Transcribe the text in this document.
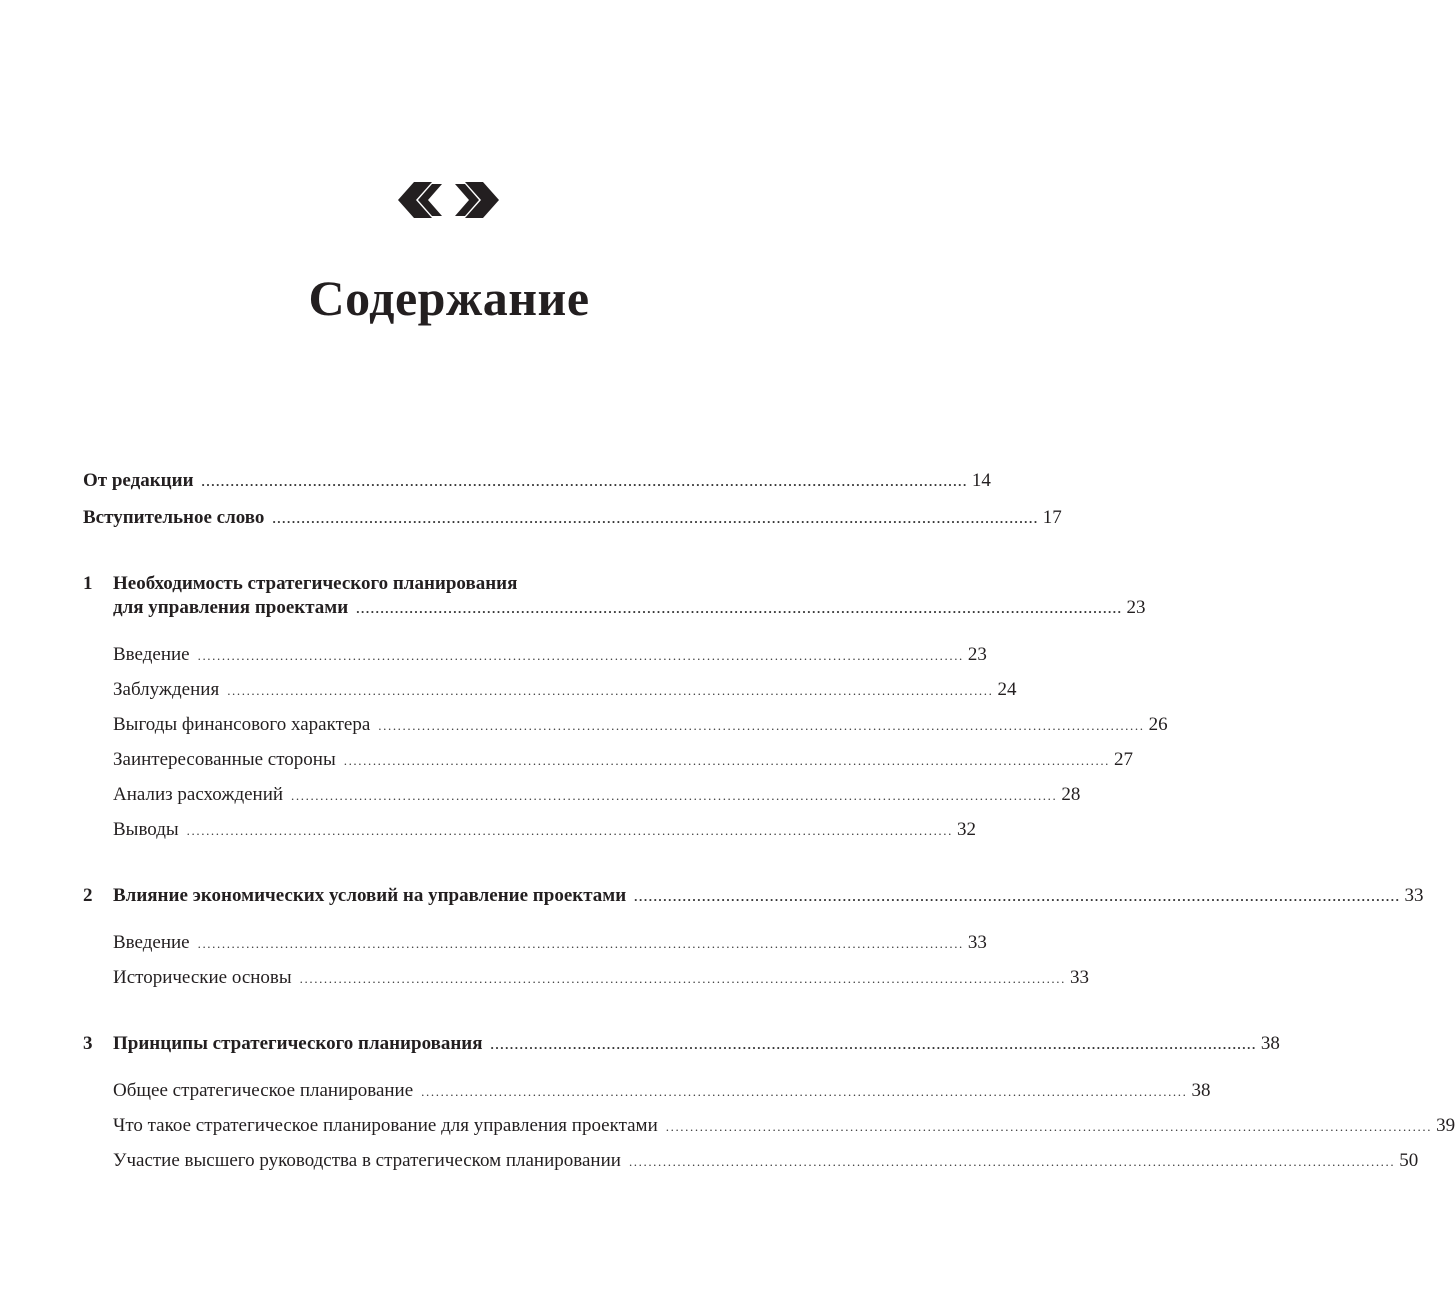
Содержание
От редакции .............................................................................................................................................................. 14
Вступительное слово .............................................................................................................................................................. 17
1 Необходимость стратегического планирования
для управления проектами .............................................................................................................................................................. 23
Введение .............................................................................................................................................................. 23
Заблуждения .............................................................................................................................................................. 24
Выгоды финансового характера .............................................................................................................................................................. 26
Заинтересованные стороны .............................................................................................................................................................. 27
Анализ расхождений .............................................................................................................................................................. 28
Выводы .............................................................................................................................................................. 32
2 Влияние экономических условий на управление проектами .............................................................................................................................................................. 33
Введение .............................................................................................................................................................. 33
Исторические основы .............................................................................................................................................................. 33
3 Принципы стратегического планирования .............................................................................................................................................................. 38
Общее стратегическое планирование .............................................................................................................................................................. 38
Что такое стратегическое планирование для управления проектами .............................................................................................................................................................. 39
Участие высшего руководства в стратегическом планировании .............................................................................................................................................................. 50
